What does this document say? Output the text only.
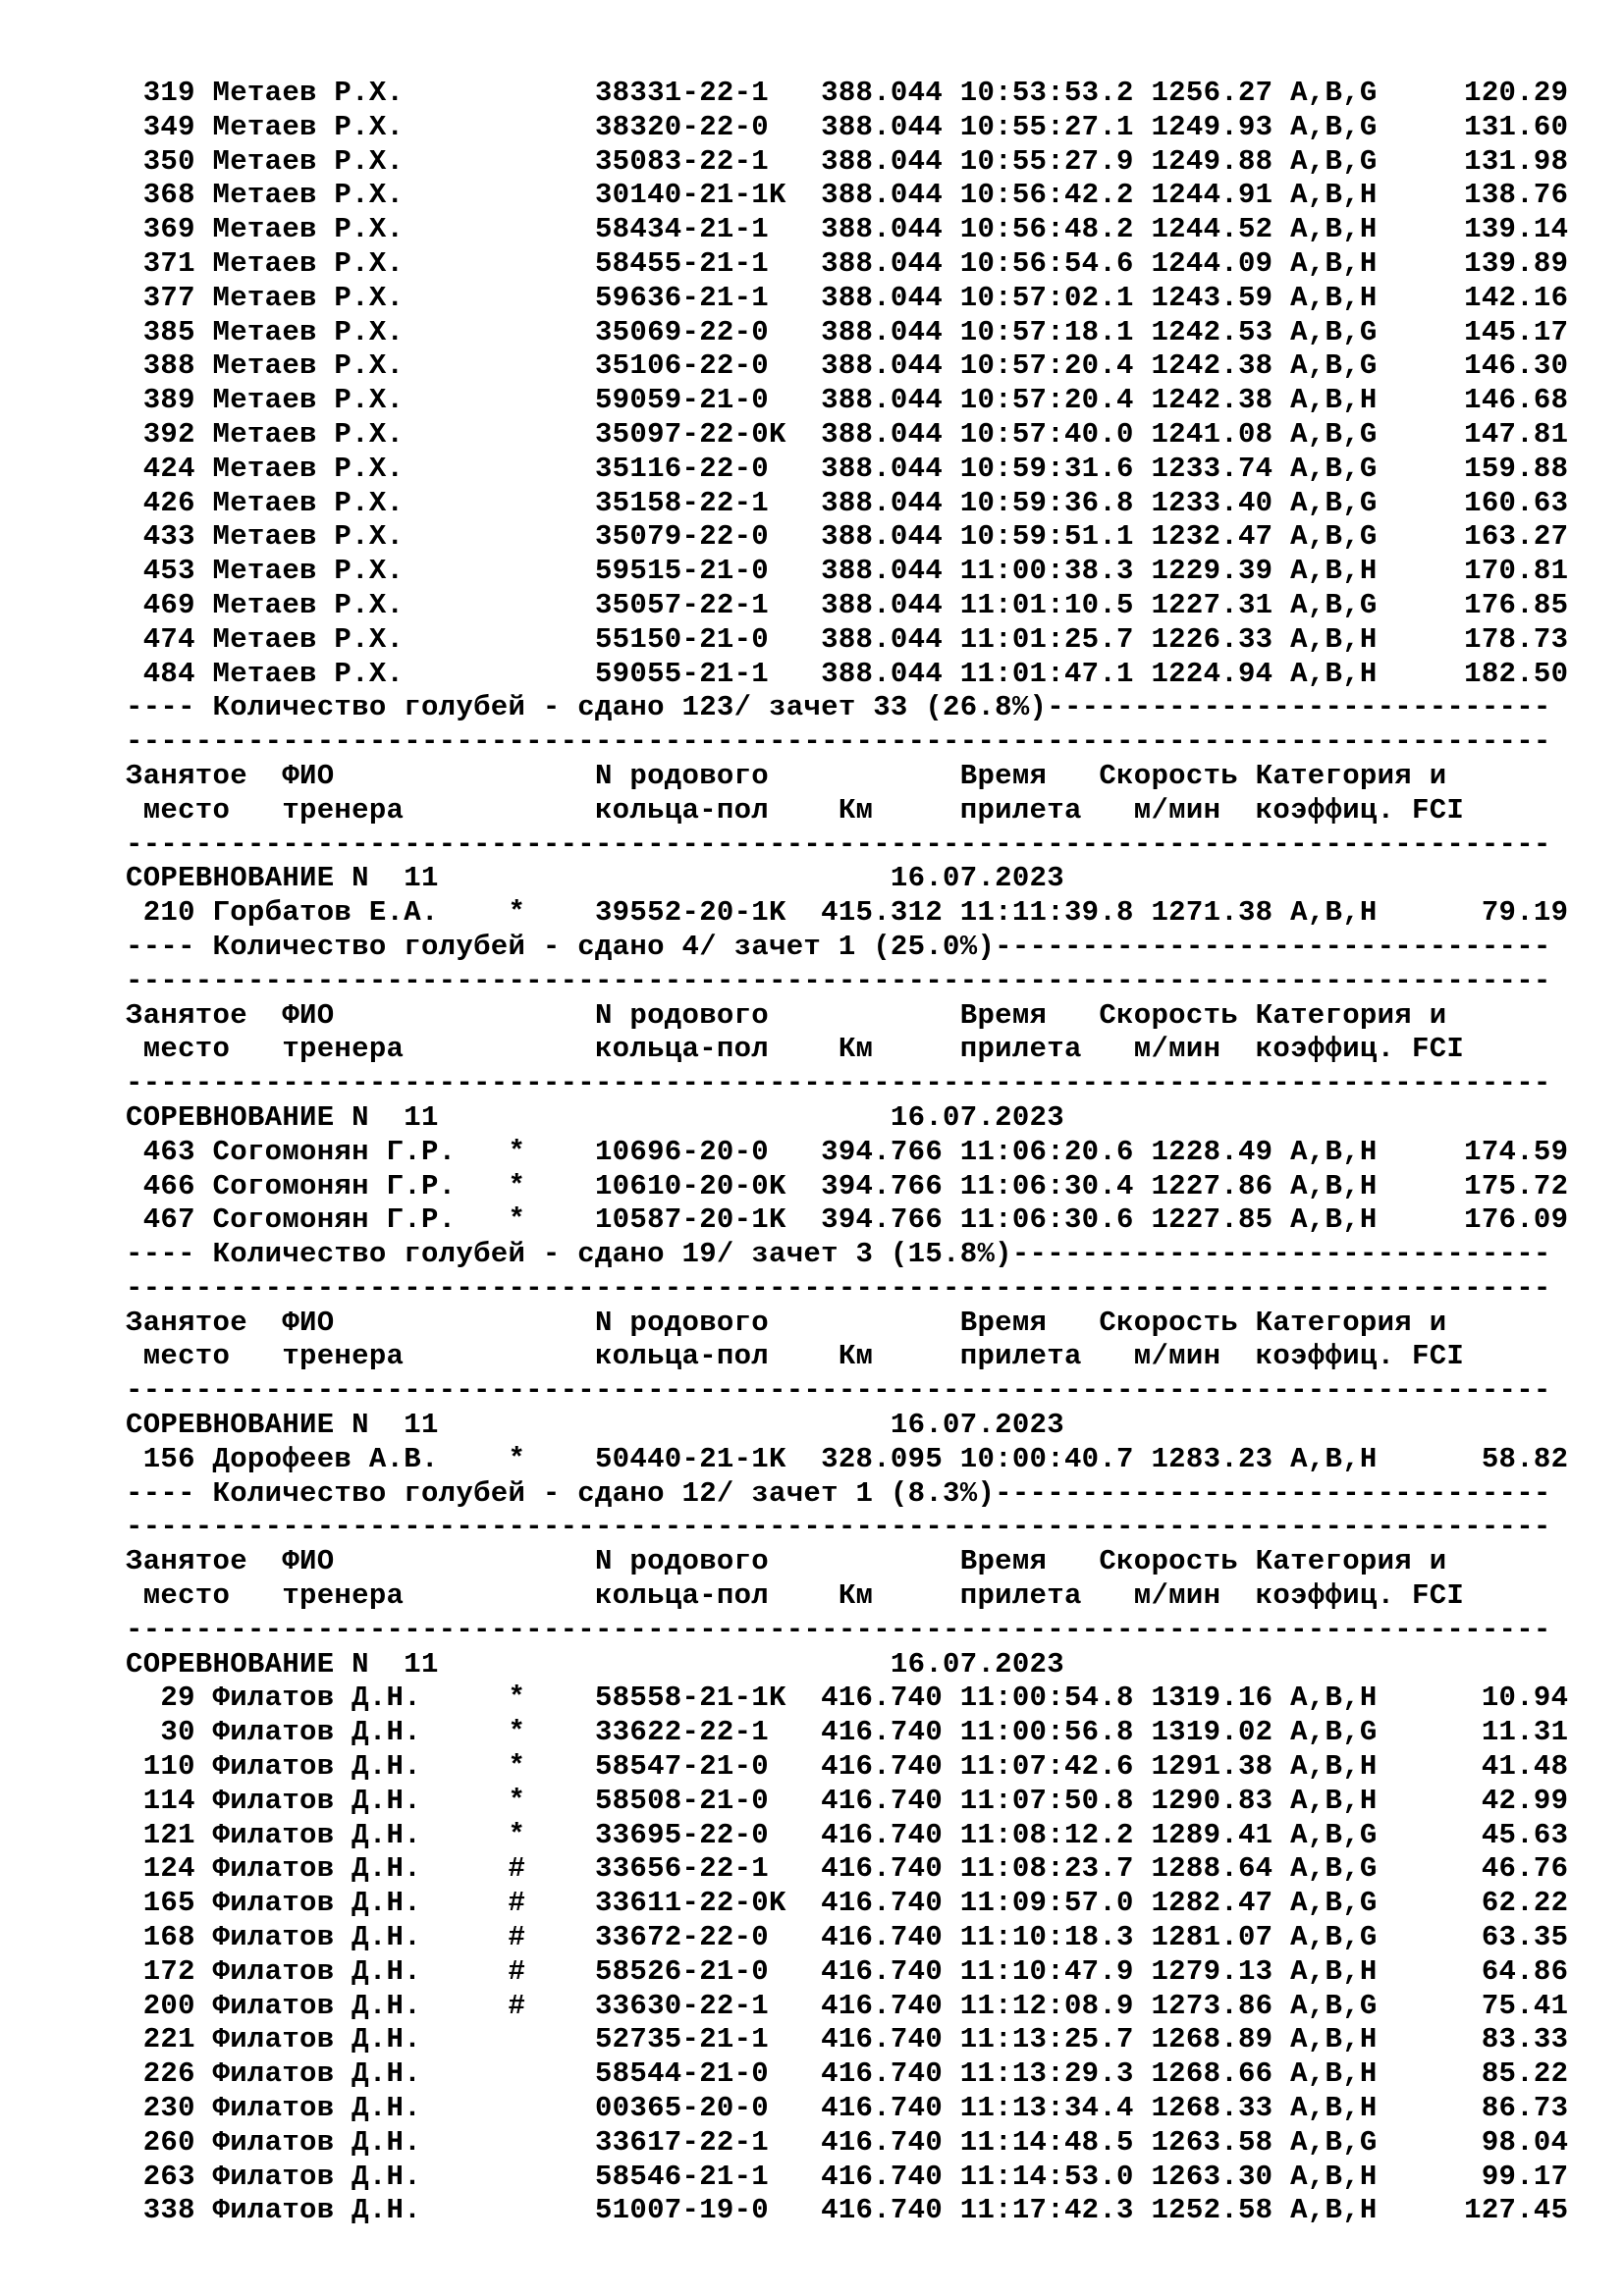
319 Метаев Р.Х.           38331-22-1   388.044 10:53:53.2 1256.27 A,B,G     120.29
349 Метаев Р.Х.           38320-22-0   388.044 10:55:27.1 1249.93 A,B,G     131.60
350 Метаев Р.Х.           35083-22-1   388.044 10:55:27.9 1249.88 A,B,G     131.98
368 Метаев Р.Х.           30140-21-1K  388.044 10:56:42.2 1244.91 A,B,H     138.76
369 Метаев Р.Х.           58434-21-1   388.044 10:56:48.2 1244.52 A,B,H     139.14
371 Метаев Р.Х.           58455-21-1   388.044 10:56:54.6 1244.09 A,B,H     139.89
377 Метаев Р.Х.           59636-21-1   388.044 10:57:02.1 1243.59 A,B,H     142.16
385 Метаев Р.Х.           35069-22-0   388.044 10:57:18.1 1242.53 A,B,G     145.17
388 Метаев Р.Х.           35106-22-0   388.044 10:57:20.4 1242.38 A,B,G     146.30
389 Метаев Р.Х.           59059-21-0   388.044 10:57:20.4 1242.38 A,B,H     146.68
392 Метаев Р.Х.           35097-22-0K  388.044 10:57:40.0 1241.08 A,B,G     147.81
424 Метаев Р.Х.           35116-22-0   388.044 10:59:31.6 1233.74 A,B,G     159.88
426 Метаев Р.Х.           35158-22-1   388.044 10:59:36.8 1233.40 A,B,G     160.63
433 Метаев Р.Х.           35079-22-0   388.044 10:59:51.1 1232.47 A,B,G     163.27
453 Метаев Р.Х.           59515-21-0   388.044 11:00:38.3 1229.39 A,B,H     170.81
469 Метаев Р.Х.           35057-22-1   388.044 11:01:10.5 1227.31 A,B,G     176.85
474 Метаев Р.Х.           55150-21-0   388.044 11:01:25.7 1226.33 A,B,H     178.73
484 Метаев Р.Х.           59055-21-1   388.044 11:01:47.1 1224.94 A,B,H     182.50
---- Количество голубей - сдано 123/ зачет 33 (26.8%)-----------------------------
----------------------------------------------------------------------------------
Занятое  ФИО               N родового           Время   Скорость Категория и
место   тренера           кольца-пол    Км     прилета   м/мин  коэффиц. FCI
----------------------------------------------------------------------------------
СОРЕВНОВАНИЕ N  11                          16.07.2023
210 Горбатов Е.А.    *    39552-20-1K  415.312 11:11:39.8 1271.38 A,B,H      79.19
---- Количество голубей - сдано 4/ зачет 1 (25.0%)--------------------------------
----------------------------------------------------------------------------------
Занятое  ФИО               N родового           Время   Скорость Категория и
место   тренера           кольца-пол    Км     прилета   м/мин  коэффиц. FCI
----------------------------------------------------------------------------------
СОРЕВНОВАНИЕ N  11                          16.07.2023
463 Согомонян Г.Р.   *    10696-20-0   394.766 11:06:20.6 1228.49 A,B,H     174.59
466 Согомонян Г.Р.   *    10610-20-0K  394.766 11:06:30.4 1227.86 A,B,H     175.72
467 Согомонян Г.Р.   *    10587-20-1K  394.766 11:06:30.6 1227.85 A,B,H     176.09
---- Количество голубей - сдано 19/ зачет 3 (15.8%)-------------------------------
----------------------------------------------------------------------------------
Занятое  ФИО               N родового           Время   Скорость Категория и
место   тренера           кольца-пол    Км     прилета   м/мин  коэффиц. FCI
----------------------------------------------------------------------------------
СОРЕВНОВАНИЕ N  11                          16.07.2023
156 Дорофеев А.В.    *    50440-21-1K  328.095 10:00:40.7 1283.23 A,B,H      58.82
---- Количество голубей - сдано 12/ зачет 1 (8.3%)--------------------------------
----------------------------------------------------------------------------------
Занятое  ФИО               N родового           Время   Скорость Категория и
место   тренера           кольца-пол    Км     прилета   м/мин  коэффиц. FCI
----------------------------------------------------------------------------------
СОРЕВНОВАНИЕ N  11                          16.07.2023
29 Филатов Д.Н.     *    58558-21-1K  416.740 11:00:54.8 1319.16 A,B,H      10.94
30 Филатов Д.Н.     *    33622-22-1   416.740 11:00:56.8 1319.02 A,B,G      11.31
110 Филатов Д.Н.     *    58547-21-0   416.740 11:07:42.6 1291.38 A,B,H      41.48
114 Филатов Д.Н.     *    58508-21-0   416.740 11:07:50.8 1290.83 A,B,H      42.99
121 Филатов Д.Н.     *    33695-22-0   416.740 11:08:12.2 1289.41 A,B,G      45.63
124 Филатов Д.Н.     #    33656-22-1   416.740 11:08:23.7 1288.64 A,B,G      46.76
165 Филатов Д.Н.     #    33611-22-0K  416.740 11:09:57.0 1282.47 A,B,G      62.22
168 Филатов Д.Н.     #    33672-22-0   416.740 11:10:18.3 1281.07 A,B,G      63.35
172 Филатов Д.Н.     #    58526-21-0   416.740 11:10:47.9 1279.13 A,B,H      64.86
200 Филатов Д.Н.     #    33630-22-1   416.740 11:12:08.9 1273.86 A,B,G      75.41
221 Филатов Д.Н.          52735-21-1   416.740 11:13:25.7 1268.89 A,B,H      83.33
226 Филатов Д.Н.          58544-21-0   416.740 11:13:29.3 1268.66 A,B,H      85.22
230 Филатов Д.Н.          00365-20-0   416.740 11:13:34.4 1268.33 A,B,H      86.73
260 Филатов Д.Н.          33617-22-1   416.740 11:14:48.5 1263.58 A,B,G      98.04
263 Филатов Д.Н.          58546-21-1   416.740 11:14:53.0 1263.30 A,B,H      99.17
338 Филатов Д.Н.          51007-19-0   416.740 11:17:42.3 1252.58 A,B,H     127.45
